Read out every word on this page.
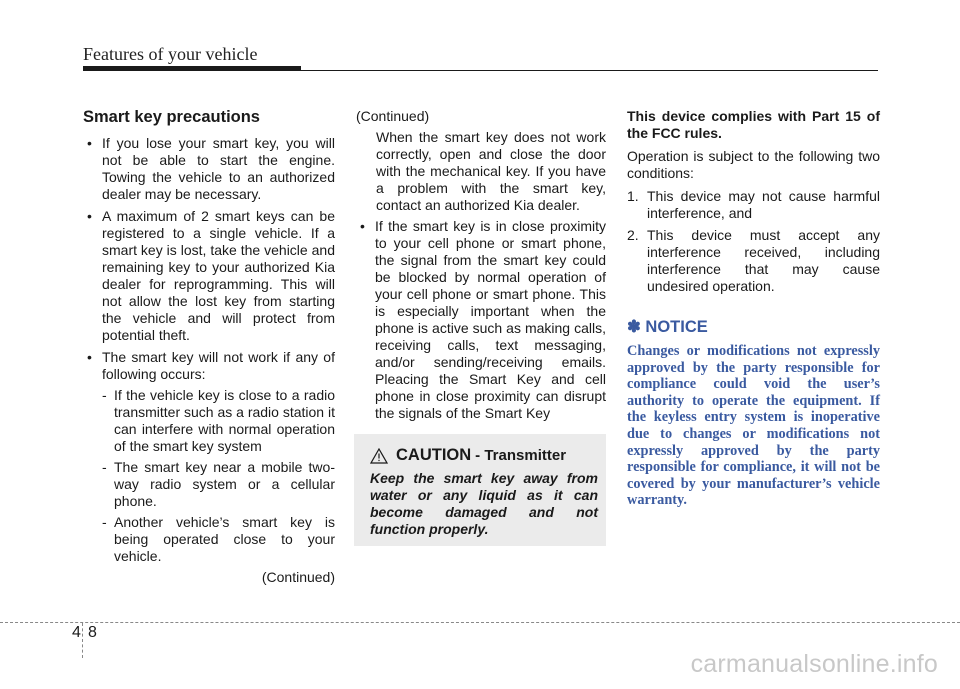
Features of your vehicle
Smart key precautions
• If you lose your smart key, you will not be able to start the engine. Towing the vehicle to an authorized dealer may be necessary.
• A maximum of 2 smart keys can be registered to a single vehicle. If a smart key is lost, take the vehicle and remaining key to your authorized Kia dealer for reprogramming. This will not allow the lost key from starting the vehicle and will protect from potential theft.
• The smart key will not work if any of following occurs:
- If the vehicle key is close to a radio transmitter such as a radio station it can interfere with normal operation of the smart key system
- The smart key near a mobile two-way radio system or a cellular phone.
- Another vehicle’s smart key is being operated close to your vehicle.
(Continued)
(Continued)
When the smart key does not work correctly, open and close the door with the mechanical key. If you have a problem with the smart key, contact an authorized Kia dealer.
• If the smart key is in close proximity to your cell phone or smart phone, the signal from the smart key could be blocked by normal operation of your cell phone or smart phone. This is especially important when the phone is active such as making calls, receiving calls, text messaging, and/or sending/receiving emails. Pleacing the Smart Key and cell phone in close proximity can disrupt the signals of the Smart Key
CAUTION - Transmitter
Keep the smart key away from water or any liquid as it can become damaged and not function properly.
This device complies with Part 15 of the FCC rules.
Operation is subject to the following two conditions:
1. This device may not cause harmful interference, and
2. This device must accept any interference received, including interference that may cause undesired operation.
✽ NOTICE
Changes or modifications not expressly approved by the party responsible for compliance could void the user’s authority to operate the equipment. If the keyless entry system is inoperative due to changes or modifications not expressly approved by the party responsible for compliance, it will not be covered by your manufacturer’s vehicle warranty.
4 8
carmanualsonline.info
